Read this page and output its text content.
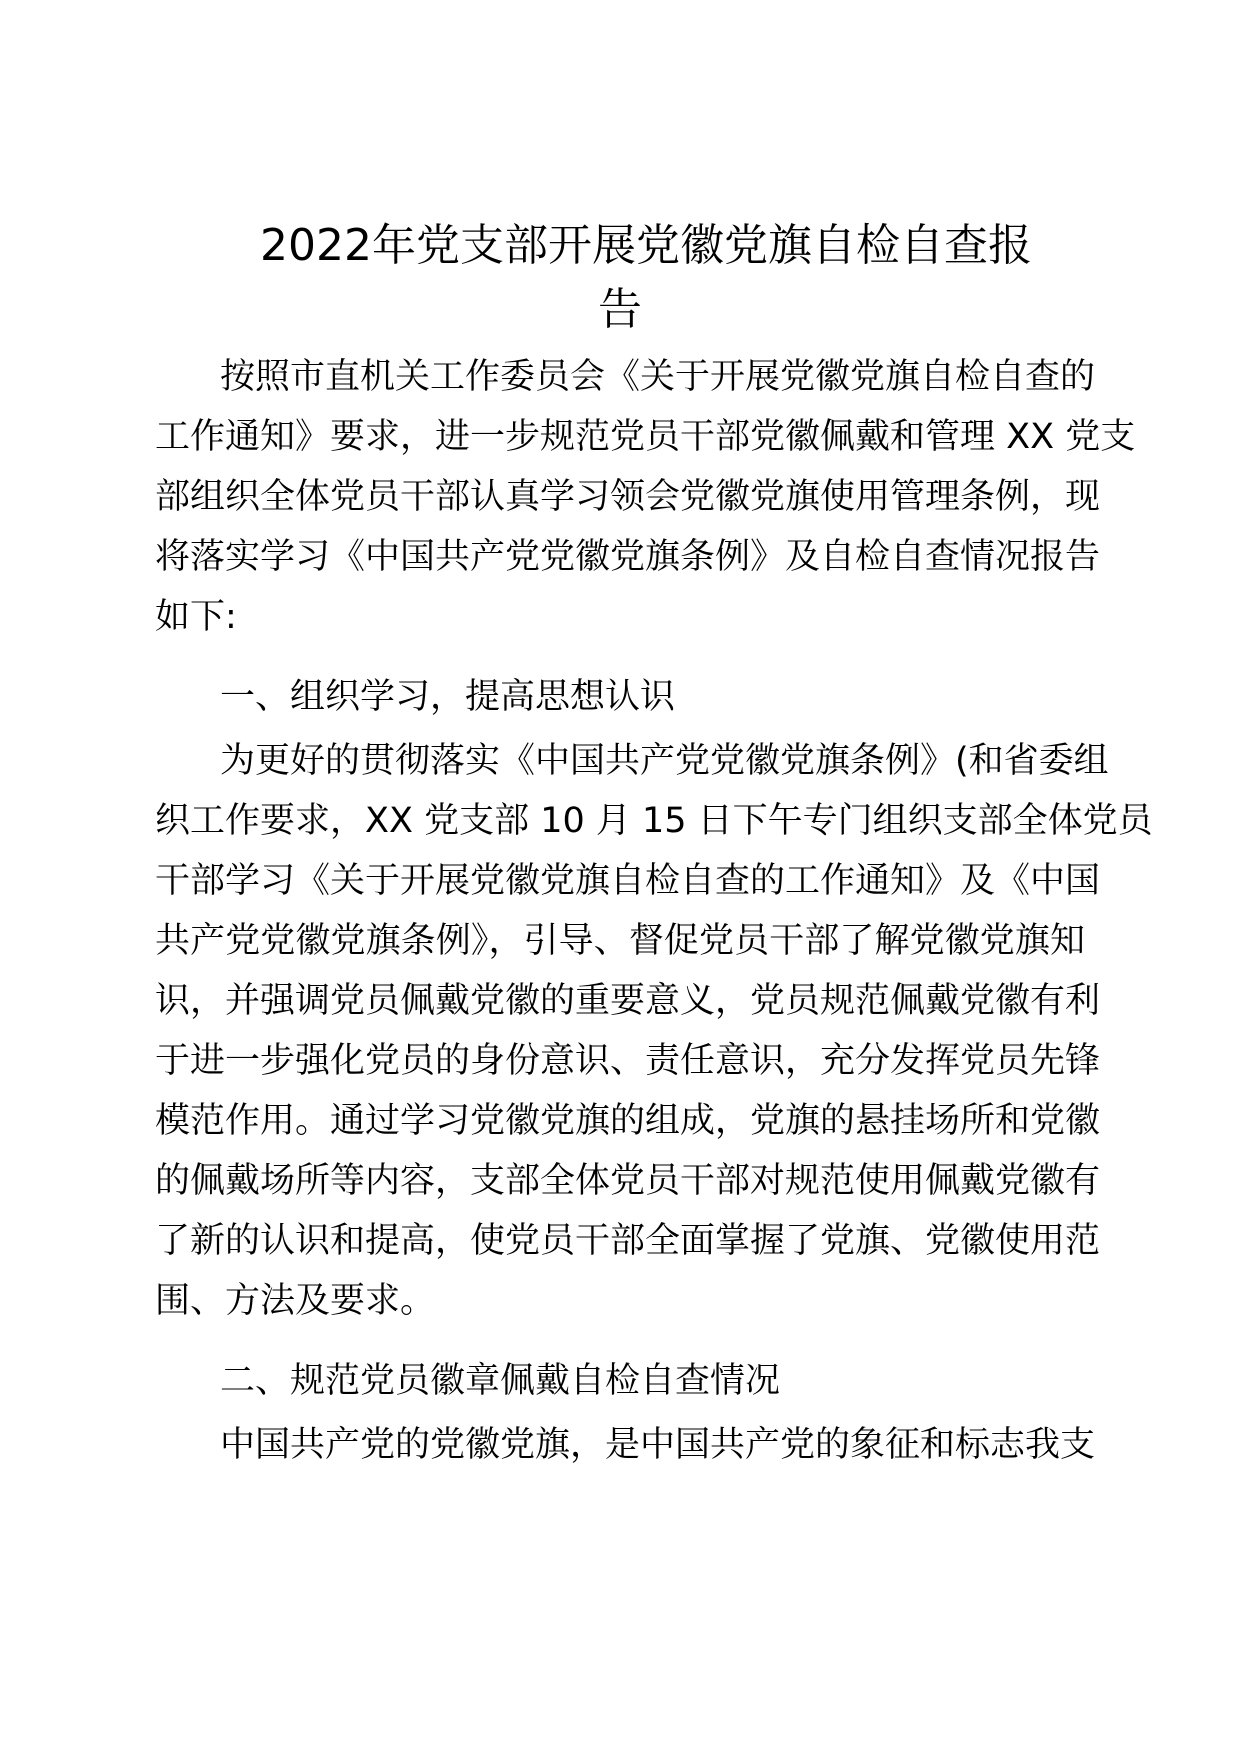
2022年党支部开展党徽党旗自检自查报
告
按照市直机关工作委员会《关于开展党徽党旗自检自查的
工作通知》要求，进一步规范党员干部党徽佩戴和管理 XX 党支
部组织全体党员干部认真学习领会党徽党旗使用管理条例，现
将落实学习《中国共产党党徽党旗条例》及自检自查情况报告
如下:
一、组织学习，提高思想认识
为更好的贯彻落实《中国共产党党徽党旗条例》(和省委组
织工作要求，XX 党支部 10 月 15 日下午专门组织支部全体党员
干部学习《关于开展党徽党旗自检自查的工作通知》及《中国
共产党党徽党旗条例》，引导、督促党员干部了解党徽党旗知
识，并强调党员佩戴党徽的重要意义，党员规范佩戴党徽有利
于进一步强化党员的身份意识、责任意识，充分发挥党员先锋
模范作用。通过学习党徽党旗的组成，党旗的悬挂场所和党徽
的佩戴场所等内容，支部全体党员干部对规范使用佩戴党徽有
了新的认识和提高，使党员干部全面掌握了党旗、党徽使用范
围、方法及要求。
二、规范党员徽章佩戴自检自查情况
中国共产党的党徽党旗，是中国共产党的象征和标志我支
